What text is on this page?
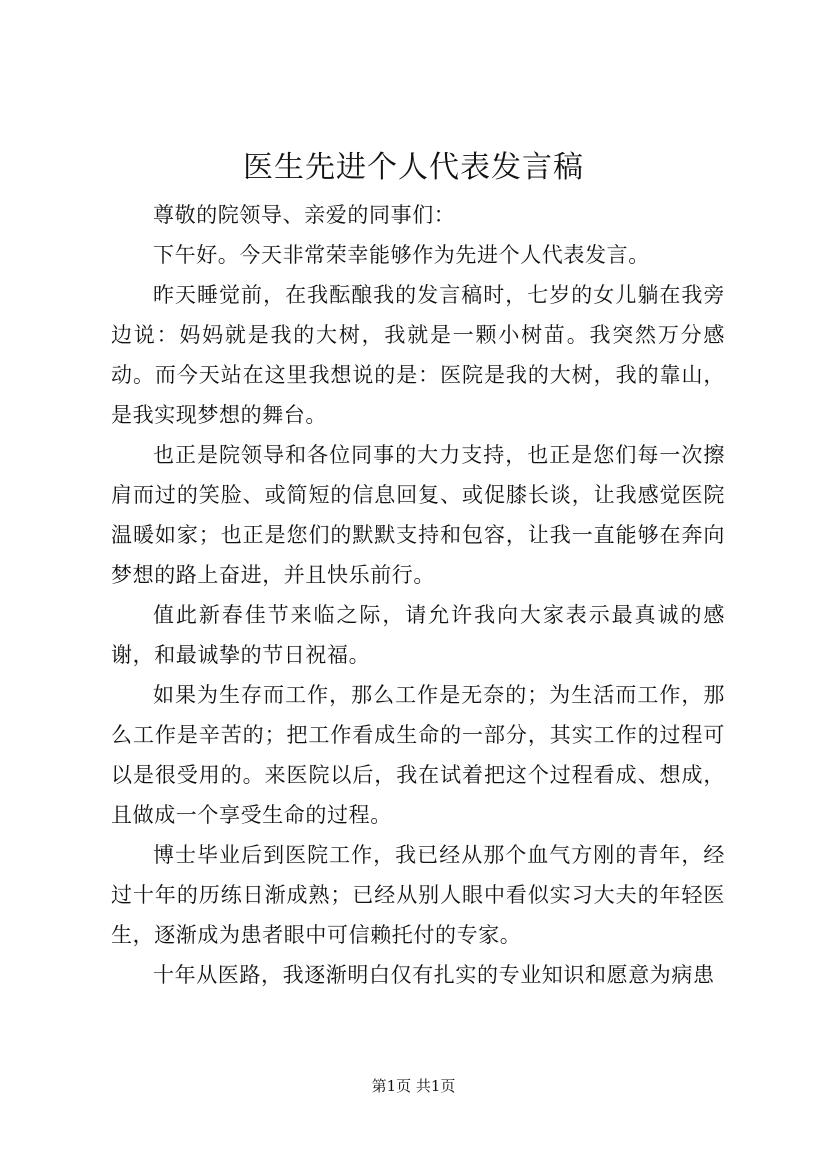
医生先进个人代表发言稿

尊敬的院领导、亲爱的同事们：

下午好。今天非常荣幸能够作为先进个人代表发言。

昨天睡觉前，在我酝酿我的发言稿时，七岁的女儿躺在我旁边说：妈妈就是我的大树，我就是一颗小树苗。我突然万分感动。而今天站在这里我想说的是：医院是我的大树，我的靠山，是我实现梦想的舞台。

也正是院领导和各位同事的大力支持，也正是您们每一次擦肩而过的笑脸、或简短的信息回复、或促膝长谈，让我感觉医院温暖如家；也正是您们的默默支持和包容，让我一直能够在奔向梦想的路上奋进，并且快乐前行。

值此新春佳节来临之际，请允许我向大家表示最真诚的感谢，和最诚挚的节日祝福。

如果为生存而工作，那么工作是无奈的；为生活而工作，那么工作是辛苦的；把工作看成生命的一部分，其实工作的过程可以是很受用的。来医院以后，我在试着把这个过程看成、想成，且做成一个享受生命的过程。

博士毕业后到医院工作，我已经从那个血气方刚的青年，经过十年的历练日渐成熟；已经从别人眼中看似实习大夫的年轻医生，逐渐成为患者眼中可信赖托付的专家。

十年从医路，我逐渐明白仅有扎实的专业知识和愿意为病患

第1页 共1页
